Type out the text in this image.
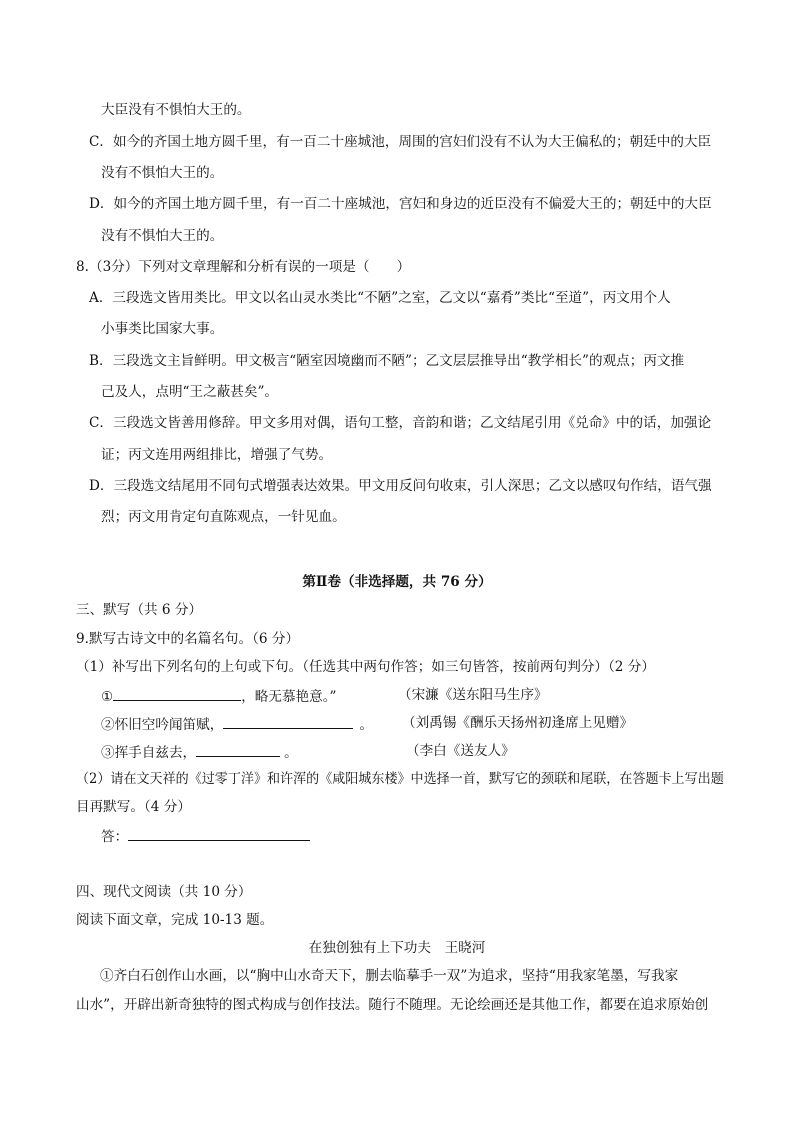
大臣没有不惧怕大王的。
C．如今的齐国土地方圆千里，有一百二十座城池，周围的宫妇们没有不认为大王偏私的；朝廷中的大臣
没有不惧怕大王的。
D．如今的齐国土地方圆千里，有一百二十座城池，宫妇和身边的近臣没有不偏爱大王的；朝廷中的大臣
没有不惧怕大王的。
8.（3分）下列对文章理解和分析有误的一项是（　　）
A．三段选文皆用类比。甲文以名山灵水类比“不陋”之室，乙文以“嘉肴”类比“至道”，丙文用个人
小事类比国家大事。
B．三段选文主旨鲜明。甲文极言“陋室因境幽而不陋”；乙文层层推导出“教学相长”的观点；丙文推
己及人，点明“王之蔽甚矣”。
C．三段选文皆善用修辞。甲文多用对偶，语句工整，音韵和谐；乙文结尾引用《兑命》中的话，加强论
证；丙文连用两组排比，增强了气势。
D．三段选文结尾用不同句式增强表达效果。甲文用反问句收束，引人深思；乙文以感叹句作结，语气强
烈；丙文用肯定句直陈观点，一针见血。
第Ⅱ卷（非选择题，共 76 分）
三、默写（共 6 分）
9.默写古诗文中的名篇名句。（6 分）
（1）补写出下列名句的上句或下句。（任选其中两句作答；如三句皆答，按前两句判分）（2 分）
①	，略无慕艳意。”	（宋濂《送东阳马生序》
②怀旧空吟闻笛赋，	。 （刘禹锡《酬乐天扬州初逢席上见赠》
③挥手自兹去，	。	（李白《送友人》
（2）请在文天祥的《过零丁洋》和许浑的《咸阳城东楼》中选择一首，默写它的颈联和尾联，在答题卡上写出题
目再默写。（4 分）
答：
四、现代文阅读（共 10 分）
阅读下面文章，完成 10-13 题。
在独创独有上下功夫　王晓河
①齐白石创作山水画，以“胸中山水奇天下，删去临摹手一双”为追求，坚持“用我家笔墨，写我家
山水”，开辟出新奇独特的图式构成与创作技法。随行不随理。无论绘画还是其他工作，都要在追求原始创
